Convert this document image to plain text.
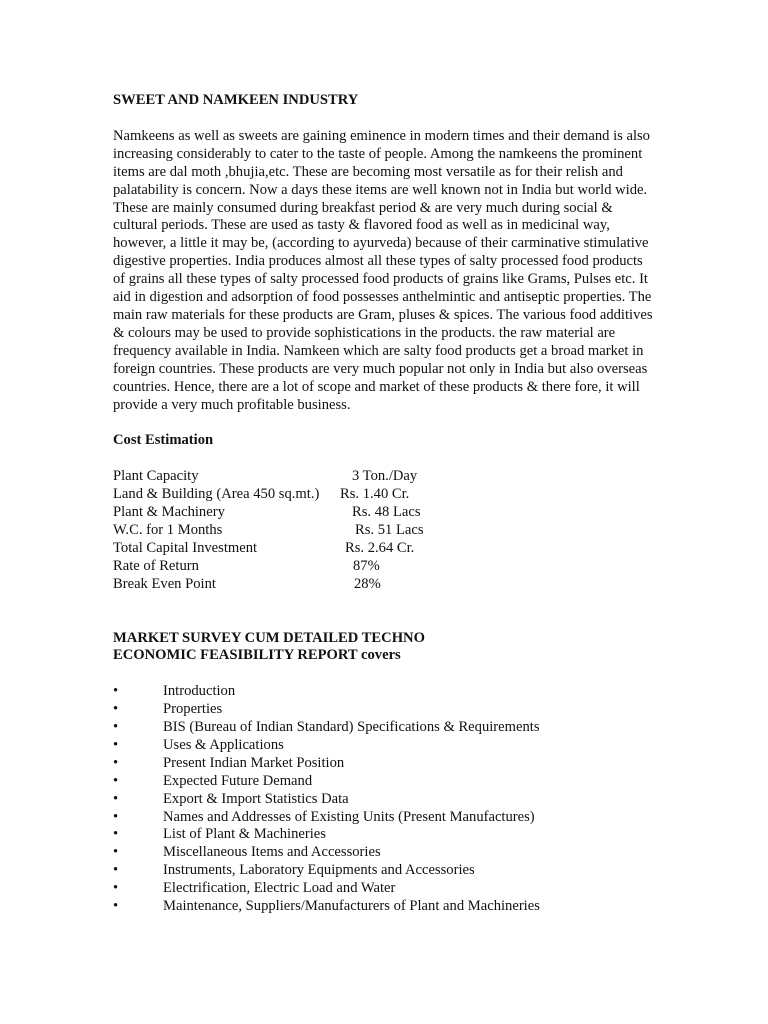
SWEET AND NAMKEEN INDUSTRY

Namkeens as well as sweets are gaining eminence in modern times and their demand is also increasing considerably to cater to the taste of people. Among the namkeens the prominent items are dal moth ,bhujia,etc. These are becoming most versatile as for their relish and palatability is concern. Now a days these items are well known not in India but world wide. These are mainly consumed during breakfast period & are very much during social & cultural periods. These are used as tasty & flavored food as well as in medicinal way, however, a little it may be, (according to ayurveda) because of their carminative stimulative digestive properties. India produces almost all these types of salty processed food products of grains all these types of salty processed food products of grains like Grams, Pulses etc. It aid in digestion and adsorption of food possesses anthelmintic and antiseptic properties. The main raw materials for these products are Gram, pluses & spices. The various food additives & colours may be used to provide sophistications in the products. the raw material are frequency available in India. Namkeen which are salty food products get a broad market in foreign countries. These products are very much popular not only in India but also overseas countries. Hence, there are a lot of scope and market of these products & there fore, it will provide a very much profitable business.

Cost Estimation

Plant Capacity	3 Ton./Day
Land & Building (Area 450 sq.mt.) Rs. 1.40 Cr.
Plant & Machinery	Rs. 48 Lacs
W.C. for 1 Months	Rs. 51 Lacs
Total Capital Investment	Rs. 2.64 Cr.
Rate of Return	87%
Break Even Point	28%

MARKET SURVEY CUM DETAILED TECHNO
ECONOMIC FEASIBILITY REPORT covers

•	Introduction
•	Properties
•	BIS (Bureau of Indian Standard) Specifications & Requirements
•	Uses & Applications
•	Present Indian Market Position
•	Expected Future Demand
•	Export & Import Statistics Data
•	Names and Addresses of Existing Units (Present Manufactures)
•	List of Plant & Machineries
•	Miscellaneous Items and Accessories
•	Instruments, Laboratory Equipments and Accessories
•	Electrification, Electric Load and Water
•	Maintenance, Suppliers/Manufacturers of Plant and Machineries
